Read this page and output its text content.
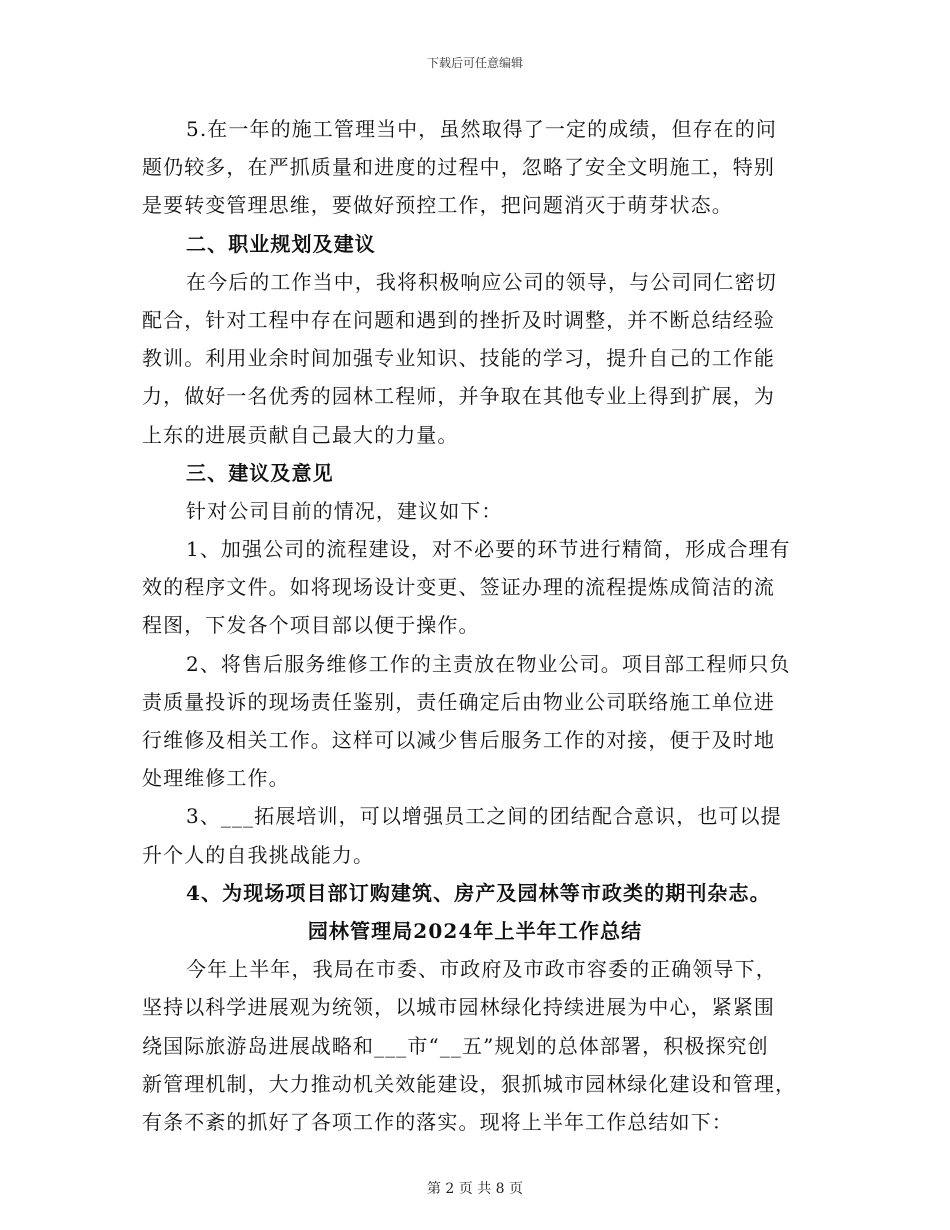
下载后可任意编辑
5.在一年的施工管理当中，虽然取得了一定的成绩，但存在的问
题仍较多，在严抓质量和进度的过程中，忽略了安全文明施工，特别
是要转变管理思维，要做好预控工作，把问题消灭于萌芽状态。
二、职业规划及建议
在今后的工作当中，我将积极响应公司的领导，与公司同仁密切
配合，针对工程中存在问题和遇到的挫折及时调整，并不断总结经验
教训。利用业余时间加强专业知识、技能的学习，提升自己的工作能
力，做好一名优秀的园林工程师，并争取在其他专业上得到扩展，为
上东的进展贡献自己最大的力量。
三、建议及意见
针对公司目前的情况，建议如下：
1、加强公司的流程建设，对不必要的环节进行精简，形成合理有
效的程序文件。如将现场设计变更、签证办理的流程提炼成简洁的流
程图，下发各个项目部以便于操作。
2、将售后服务维修工作的主责放在物业公司。项目部工程师只负
责质量投诉的现场责任鉴别，责任确定后由物业公司联络施工单位进
行维修及相关工作。这样可以减少售后服务工作的对接，便于及时地
处理维修工作。
3、___拓展培训，可以增强员工之间的团结配合意识，也可以提
升个人的自我挑战能力。
4、为现场项目部订购建筑、房产及园林等市政类的期刊杂志。
园林管理局2024年上半年工作总结
今年上半年，我局在市委、市政府及市政市容委的正确领导下，
坚持以科学进展观为统领，以城市园林绿化持续进展为中心，紧紧围
绕国际旅游岛进展战略和___市“__五”规划的总体部署，积极探究创
新管理机制，大力推动机关效能建设，狠抓城市园林绿化建设和管理，
有条不紊的抓好了各项工作的落实。现将上半年工作总结如下：
第 2 页 共 8 页
